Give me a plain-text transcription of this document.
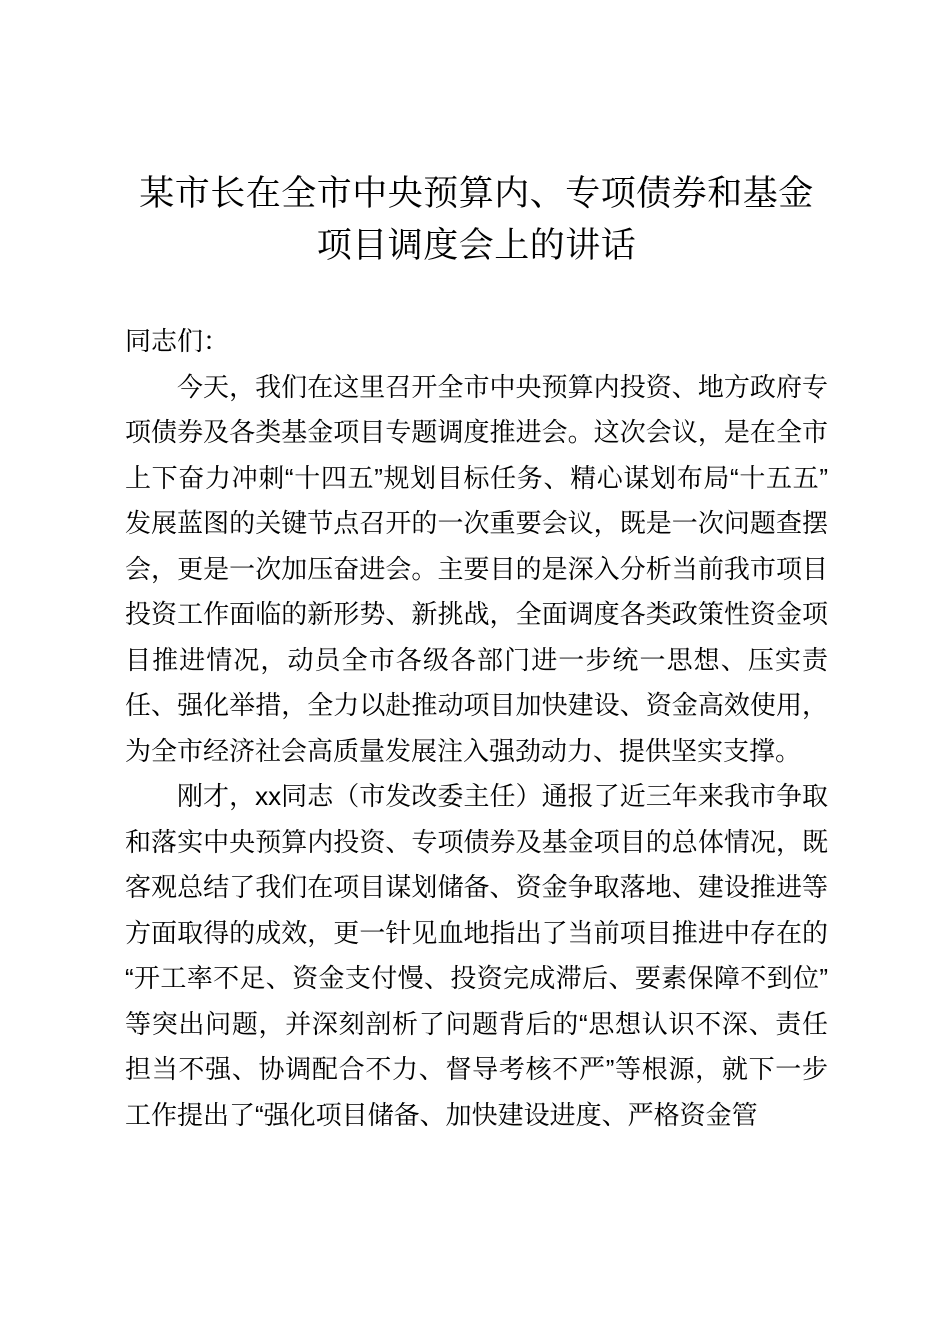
某市长在全市中央预算内、专项债券和基金项目调度会上的讲话

同志们：

今天，我们在这里召开全市中央预算内投资、地方政府专项债券及各类基金项目专题调度推进会。这次会议，是在全市上下奋力冲刺“十四五”规划目标任务、精心谋划布局“十五五”发展蓝图的关键节点召开的一次重要会议，既是一次问题查摆会，更是一次加压奋进会。主要目的是深入分析当前我市项目投资工作面临的新形势、新挑战，全面调度各类政策性资金项目推进情况，动员全市各级各部门进一步统一思想、压实责任、强化举措，全力以赴推动项目加快建设、资金高效使用，为全市经济社会高质量发展注入强劲动力、提供坚实支撑。

刚才，xx同志（市发改委主任）通报了近三年来我市争取和落实中央预算内投资、专项债券及基金项目的总体情况，既客观总结了我们在项目谋划储备、资金争取落地、建设推进等方面取得的成效，更一针见血地指出了当前项目推进中存在的“开工率不足、资金支付慢、投资完成滞后、要素保障不到位”等突出问题，并深刻剖析了问题背后的“思想认识不深、责任担当不强、协调配合不力、督导考核不严”等根源，就下一步工作提出了“强化项目储备、加快建设进度、严格资金管
